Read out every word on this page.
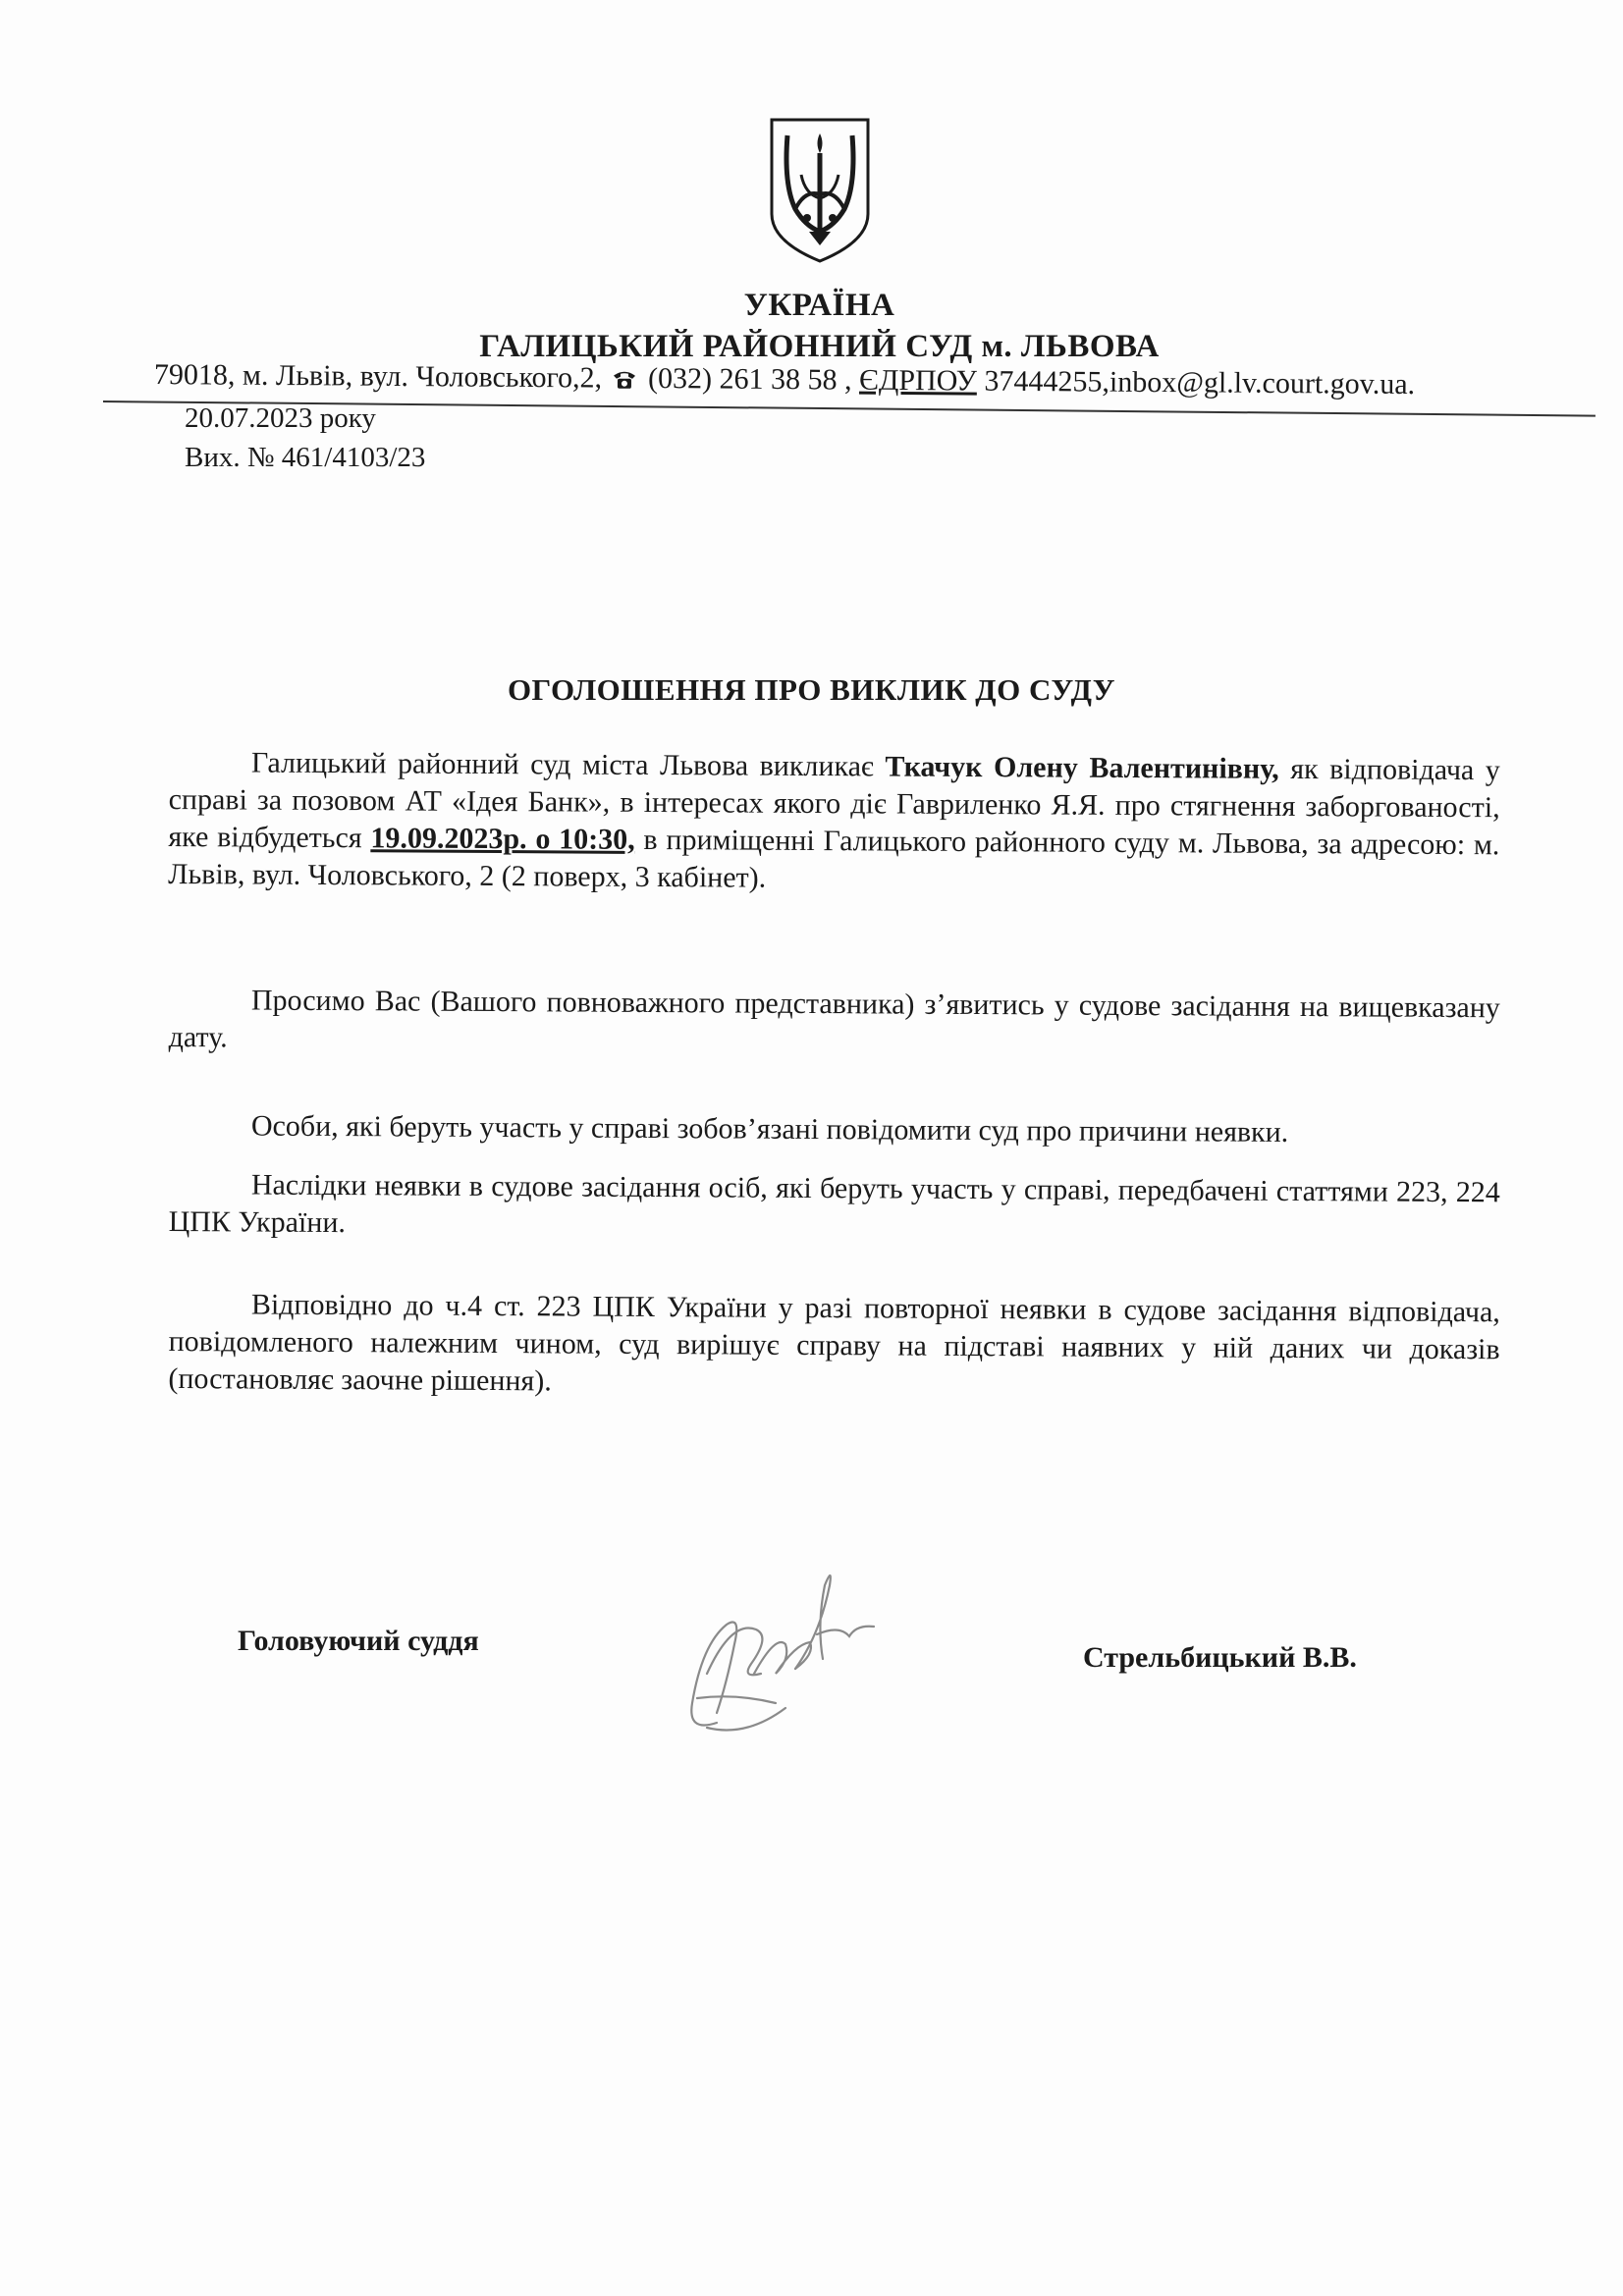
УКРАЇНА
ГАЛИЦЬКИЙ РАЙОННИЙ СУД м. ЛЬВОВА
79018, м. Львів, вул. Чоловського,2, (032) 261 38 58 , ЄДРПОУ 37444255,inbox@gl.lv.court.gov.ua.
20.07.2023 року
Вих. № 461/4103/23
ОГОЛОШЕННЯ ПРО ВИКЛИК ДО СУДУ

Галицький районний суд міста Львова викликає Ткачук Олену Валентинівну, як відповідача у справі за позовом АТ «Ідея Банк», в інтересах якого діє Гавриленко Я.Я. про стягнення заборгованості, яке відбудеться 19.09.2023р. о 10:30, в приміщенні Галицького районного суду м. Львова, за адресою: м. Львів, вул. Чоловського, 2 (2 поверх, 3 кабінет).

Просимо Вас (Вашого повноважного представника) з’явитись у судове засідання на вищевказану дату.

Особи, які беруть участь у справі зобов’язані повідомити суд про причини неявки.

Наслідки неявки в судове засідання осіб, які беруть участь у справі, передбачені статтями 223, 224 ЦПК України.

Відповідно до ч.4 ст. 223 ЦПК України у разі повторної неявки в судове засідання відповідача, повідомленого належним чином, суд вирішує справу на підставі наявних у ній даних чи доказів (постановляє заочне рішення).

Головуючий суддя
Стрельбицький В.В.
